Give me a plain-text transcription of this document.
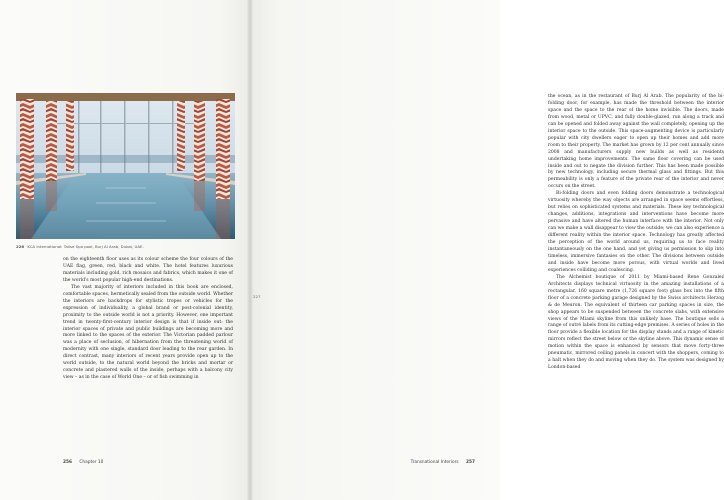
226 KCA International: Talise Spa pool, Burj Al Arab, Dubai, UAE.

on the eighteenth floor uses as its colour scheme the four colours of the UAE flag, green, red, black and white. The hotel features luxurious materials including gold, rich mosaics and fabrics, which makes it one of the world's most popular high-end destinations.

The vast majority of interiors included in this book are enclosed, comfortable spaces, hermetically sealed from the outside world. Whether the interiors are backdrops for stylistic tropes or vehicles for the expression of individuality, a global brand or post-colonial identity, proximity to the outside world is not a priority. However, one important trend in twenty-first-century interior design is that if inside out: the interior spaces of private and public buildings are becoming more and more linked to the spaces of the exterior. The Victorian padded parlour was a place of seclusion, of hibernation from the threatening world of modernity with one single, standard door leading to the rear garden. In direct contrast, many interiors of recent years provide open up to the world outside, to the natural world beyond the bricks and mortar or concrete and plastered walls of the inside, perhaps with a balcony city view – as in the case of World One – or of fish swimming in

256 Chapter 10

the ocean, as in the restaurant of Burj Al Arab. The popularity of the bi-folding door, for example, has made the threshold between the interior space and the space to the rear of the home invisible. The doors, made from wood, metal or UPVC, and fully double-glazed, run along a track and can be opened and folded away against the wall completely, opening up the interior space to the outside. This space-augmenting device is particularly popular with city dwellers eager to open up their homes and add more room to their property. The market has grown by 12 per cent annually since 2008 and manufacturers supply new builds as well as residents undertaking home improvements. The same floor covering can be used inside and out to negate the division further. This has been made possible by new technology, including secure thermal glass and fittings. But this permeability is only a feature of the private rear of the interior and never occurs on the street.

Bi-folding doors and even folding doors demonstrate a technological virtuosity whereby the way objects are arranged in space seems effortless, but relies on sophisticated systems and materials. These key technological changes, additions, integrations and interventions have become more pervasive and have altered the human interface with the interior. Not only can we make a wall disappear to view the outside; we can also experience a different reality within the interior space. Technology has greatly affected the perception of the world around us, requiring us to face reality instantaneously on the one hand, and yet giving us permission to slip into timeless, immersive fantasies on the other. The divisions between outside and inside have become more porous, with virtual worlds and lived experiences colliding and coalescing.

The Alchemist boutique of 2011 by Miami-based Rene Gonzalez Architects displays technical virtuosity in the amazing installations of a rectangular, 160 square metre (1,726 square foot) glass box into the fifth floor of a concrete parking garage designed by the Swiss architects Herzog & de Meuron. The equivalent of thirteen car parking spaces in size, the shop appears to be suspended between the concrete slabs, with extensive views of the Miami skyline from this unlikely base. The boutique sells a range of outré labels from its cutting-edge premises. A series of holes in the floor provide a flexible location for the display stands and a range of kinetic mirrors reflect the street below or the skyline above. This dynamic sense of motion within the space is enhanced by sensors that move forty-three pneumatic, mirrored ceiling panels in concert with the shoppers, coming to a halt when they do and moving when they do. The system was designed by London-based

Transnational Interiors 257
227
